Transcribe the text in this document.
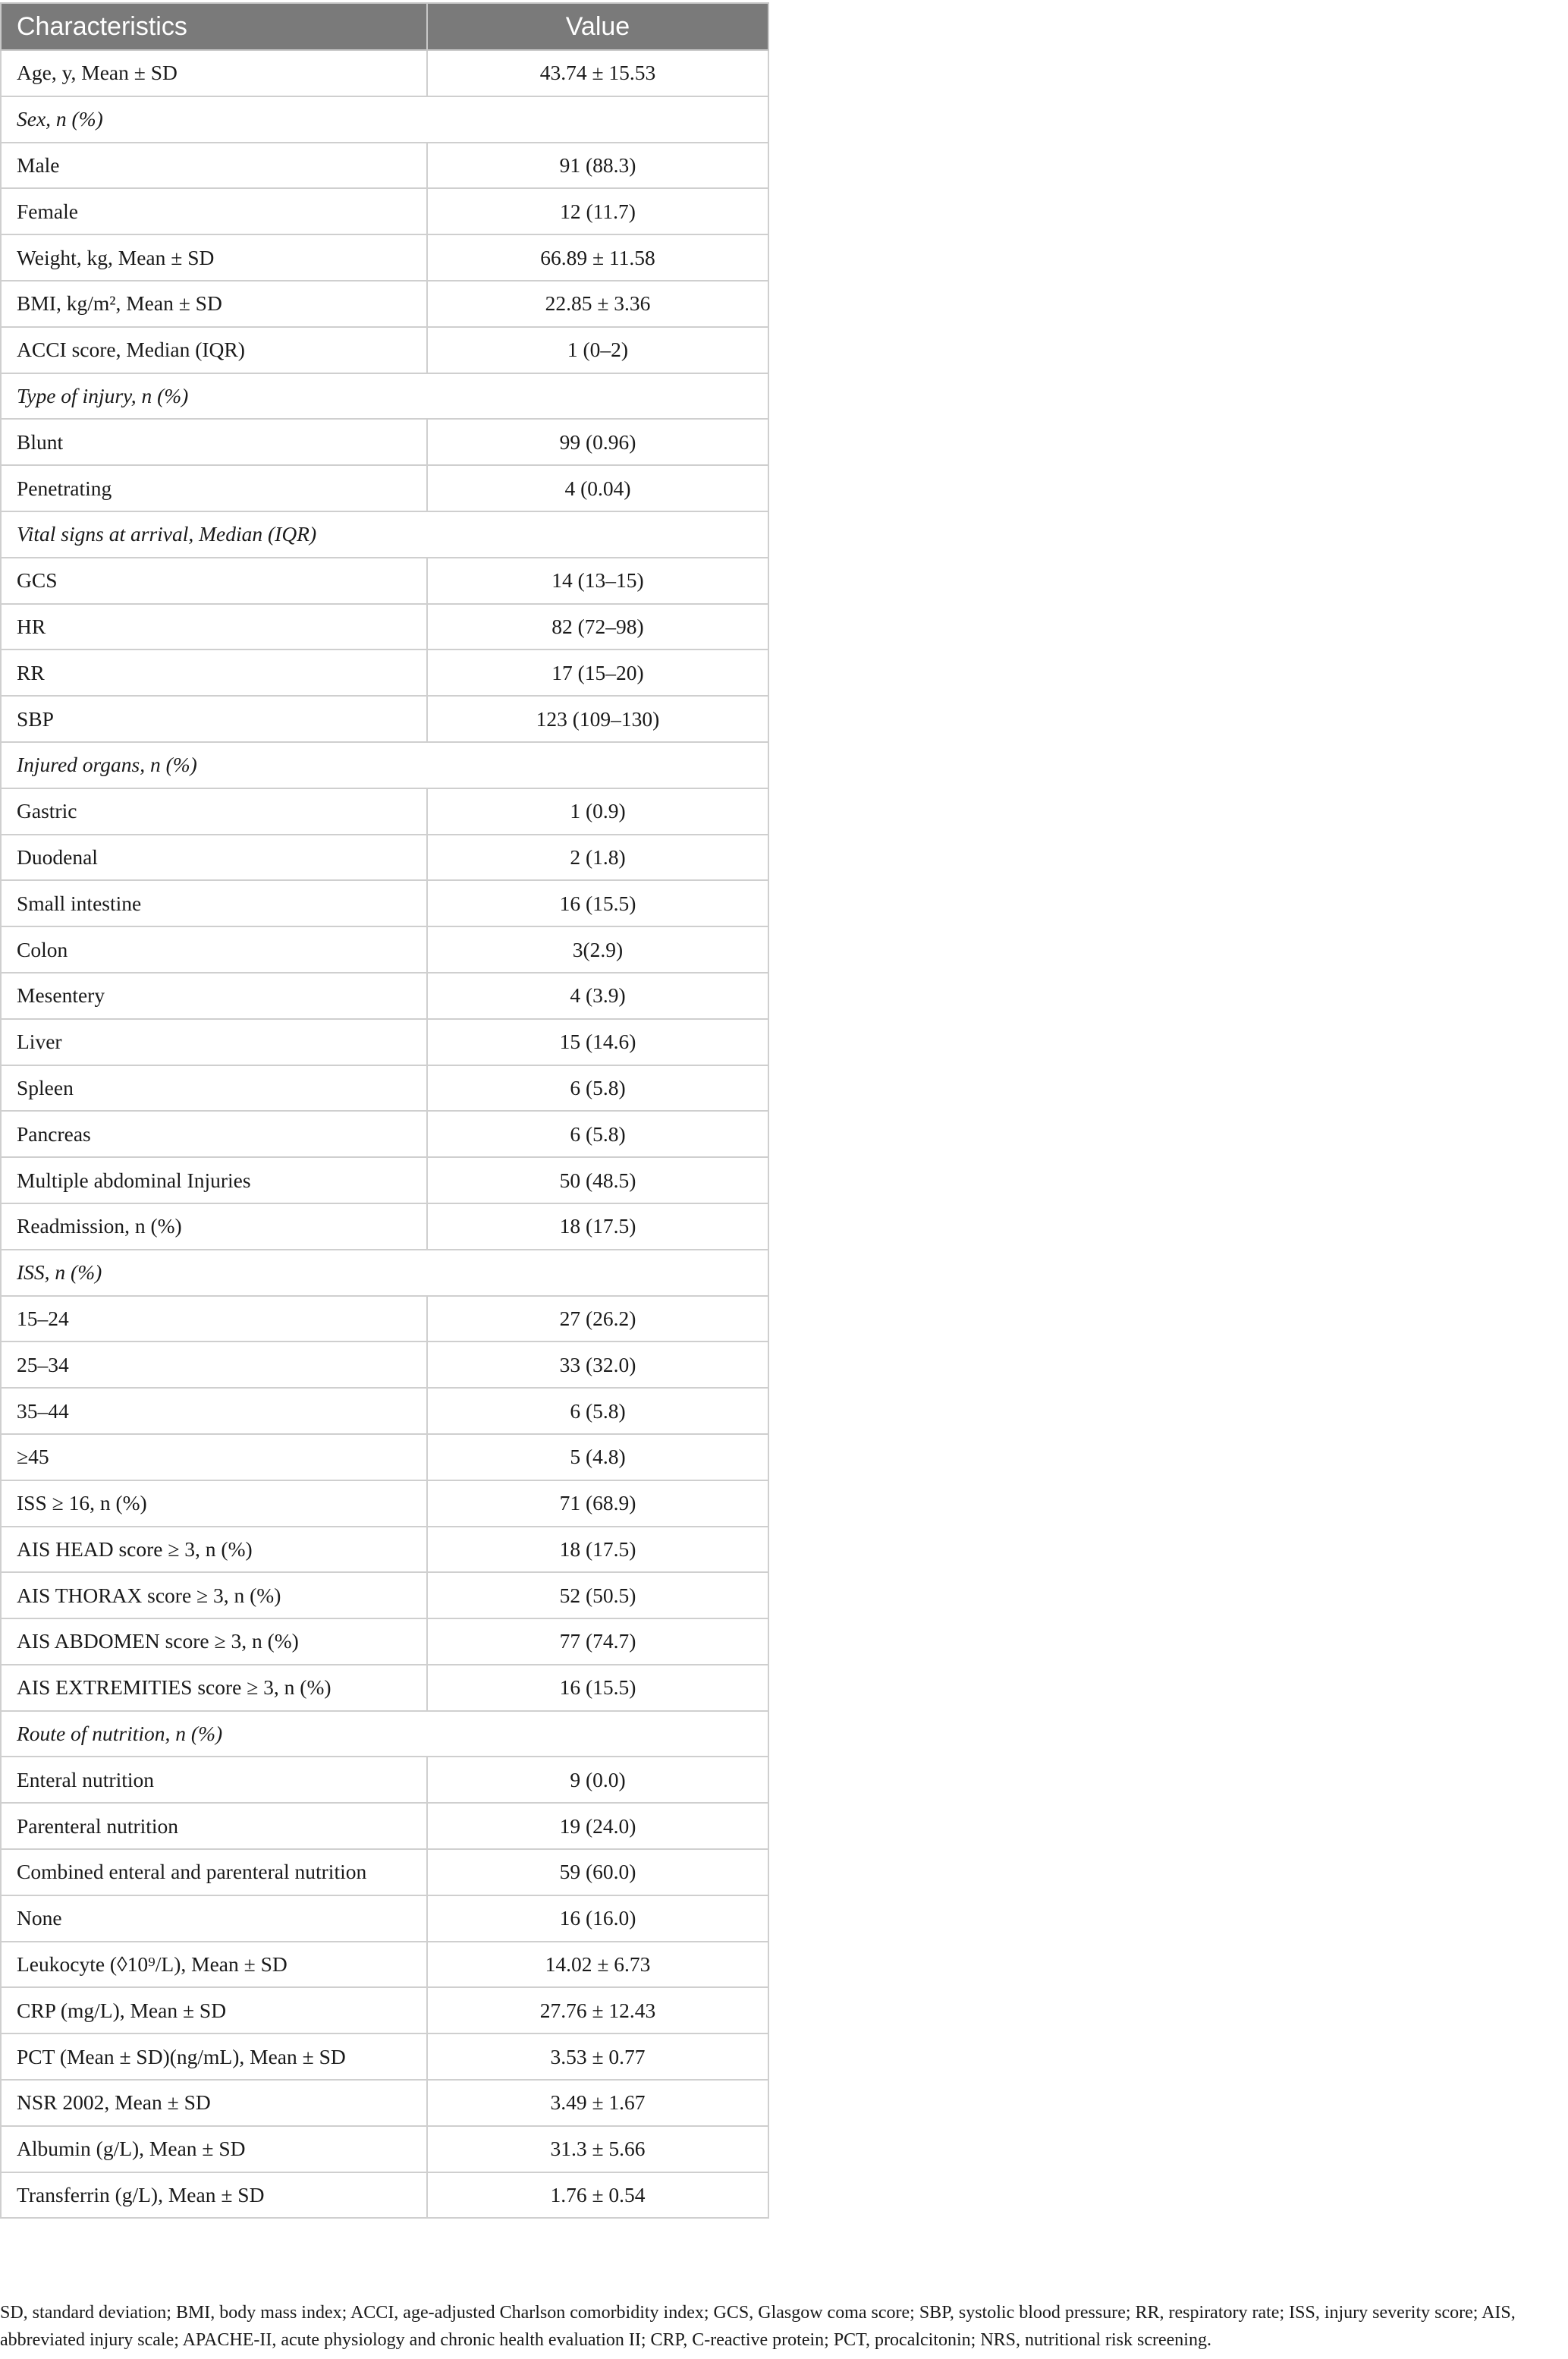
Characteristics	Value
Age, y, Mean ± SD	43.74 ± 15.53
Sex, n (%)	
Male	91 (88.3)
Female	12 (11.7)
Weight, kg, Mean ± SD	66.89 ± 11.58
BMI, kg/m², Mean ± SD	22.85 ± 3.36
ACCI score, Median (IQR)	1 (0–2)
Type of injury, n (%)	
Blunt	99 (0.96)
Penetrating	4 (0.04)
Vital signs at arrival, Median (IQR)	
GCS	14 (13–15)
HR	82 (72–98)
RR	17 (15–20)
SBP	123 (109–130)
Injured organs, n (%)	
Gastric	1 (0.9)
Duodenal	2 (1.8)
Small intestine	16 (15.5)
Colon	3(2.9)
Mesentery	4 (3.9)
Liver	15 (14.6)
Spleen	6 (5.8)
Pancreas	6 (5.8)
Multiple abdominal Injuries	50 (48.5)
Readmission, n (%)	18 (17.5)
ISS, n (%)	
15–24	27 (26.2)
25–34	33 (32.0)
35–44	6 (5.8)
≥45	5 (4.8)
ISS ≥ 16, n (%)	71 (68.9)
AIS HEAD score ≥ 3, n (%)	18 (17.5)
AIS THORAX score ≥ 3, n (%)	52 (50.5)
AIS ABDOMEN score ≥ 3, n (%)	77 (74.7)
AIS EXTREMITIES score ≥ 3, n (%)	16 (15.5)
Route of nutrition, n (%)	
Enteral nutrition	9 (0.0)
Parenteral nutrition	19 (24.0)
Combined enteral and parenteral nutrition	59 (60.0)
None	16 (16.0)
Leukocyte (◊10⁹/L), Mean ± SD	14.02 ± 6.73
CRP (mg/L), Mean ± SD	27.76 ± 12.43
PCT (Mean ± SD)(ng/mL), Mean ± SD	3.53 ± 0.77
NSR 2002, Mean ± SD	3.49 ± 1.67
Albumin (g/L), Mean ± SD	31.3 ± 5.66
Transferrin (g/L), Mean ± SD	1.76 ± 0.54
SD, standard deviation; BMI, body mass index; ACCI, age-adjusted Charlson comorbidity index; GCS, Glasgow coma score; SBP, systolic blood pressure; RR, respiratory rate; ISS, injury severity score; AIS, abbreviated injury scale; APACHE-II, acute physiology and chronic health evaluation II; CRP, C-reactive protein; PCT, procalcitonin; NRS, nutritional risk screening.
